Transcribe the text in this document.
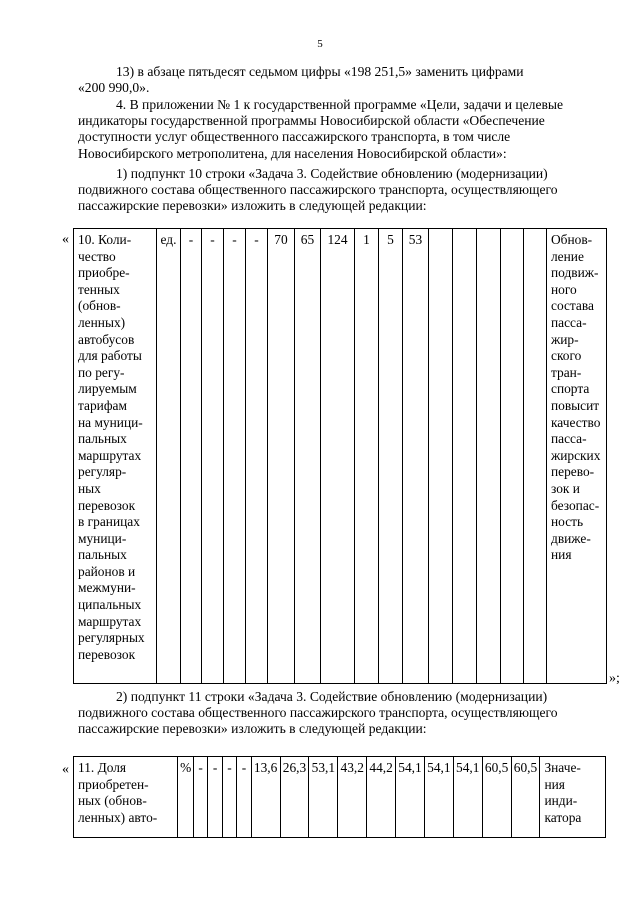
5

13) в абзаце пятьдесят седьмом цифры «198 251,5» заменить цифрами
«200 990,0».

4. В приложении № 1 к государственной программе «Цели, задачи и целевые
индикаторы государственной программы Новосибирской области «Обеспечение
доступности услуг общественного пассажирского транспорта, в том числе
Новосибирского метрополитена, для населения Новосибирской области»:

1) подпункт 10 строки «Задача 3. Содействие обновлению (модернизации)
подвижного состава общественного пассажирского транспорта, осуществляющего
пассажирские перевозки» изложить в следующей редакции:

« 10. Коли-
чество
приобре-
тенных
(обнов-
ленных)
автобусов
для работы
по регу-
лируемым
тарифам
на муници-
пальных
маршрутах
регуляр-
ных
перевозок
в границах
муници-
пальных
районов и
межмуни-
ципальных
маршрутах
регулярных
перевозок
	ед.	-	-	-	-	70	65	124	1	5	53						Обнов-
ление
подвиж-
ного
состава
пасса-
жир-
ского
тран-
спорта
повысит
качество
пасса-
жирских
перево-
зок и
безопас-
ность
движе-
ния
»;

2) подпункт 11 строки «Задача 3. Содействие обновлению (модернизации)
подвижного состава общественного пассажирского транспорта, осуществляющего
пассажирские перевозки» изложить в следующей редакции:

« 11. Доля
приобретен-
ных (обнов-
ленных) авто-
	%	-	-	-	-	13,6	26,3	53,1	43,2	44,2	54,1	54,1	54,1	60,5	60,5	Значе-
ния
инди-
катора
